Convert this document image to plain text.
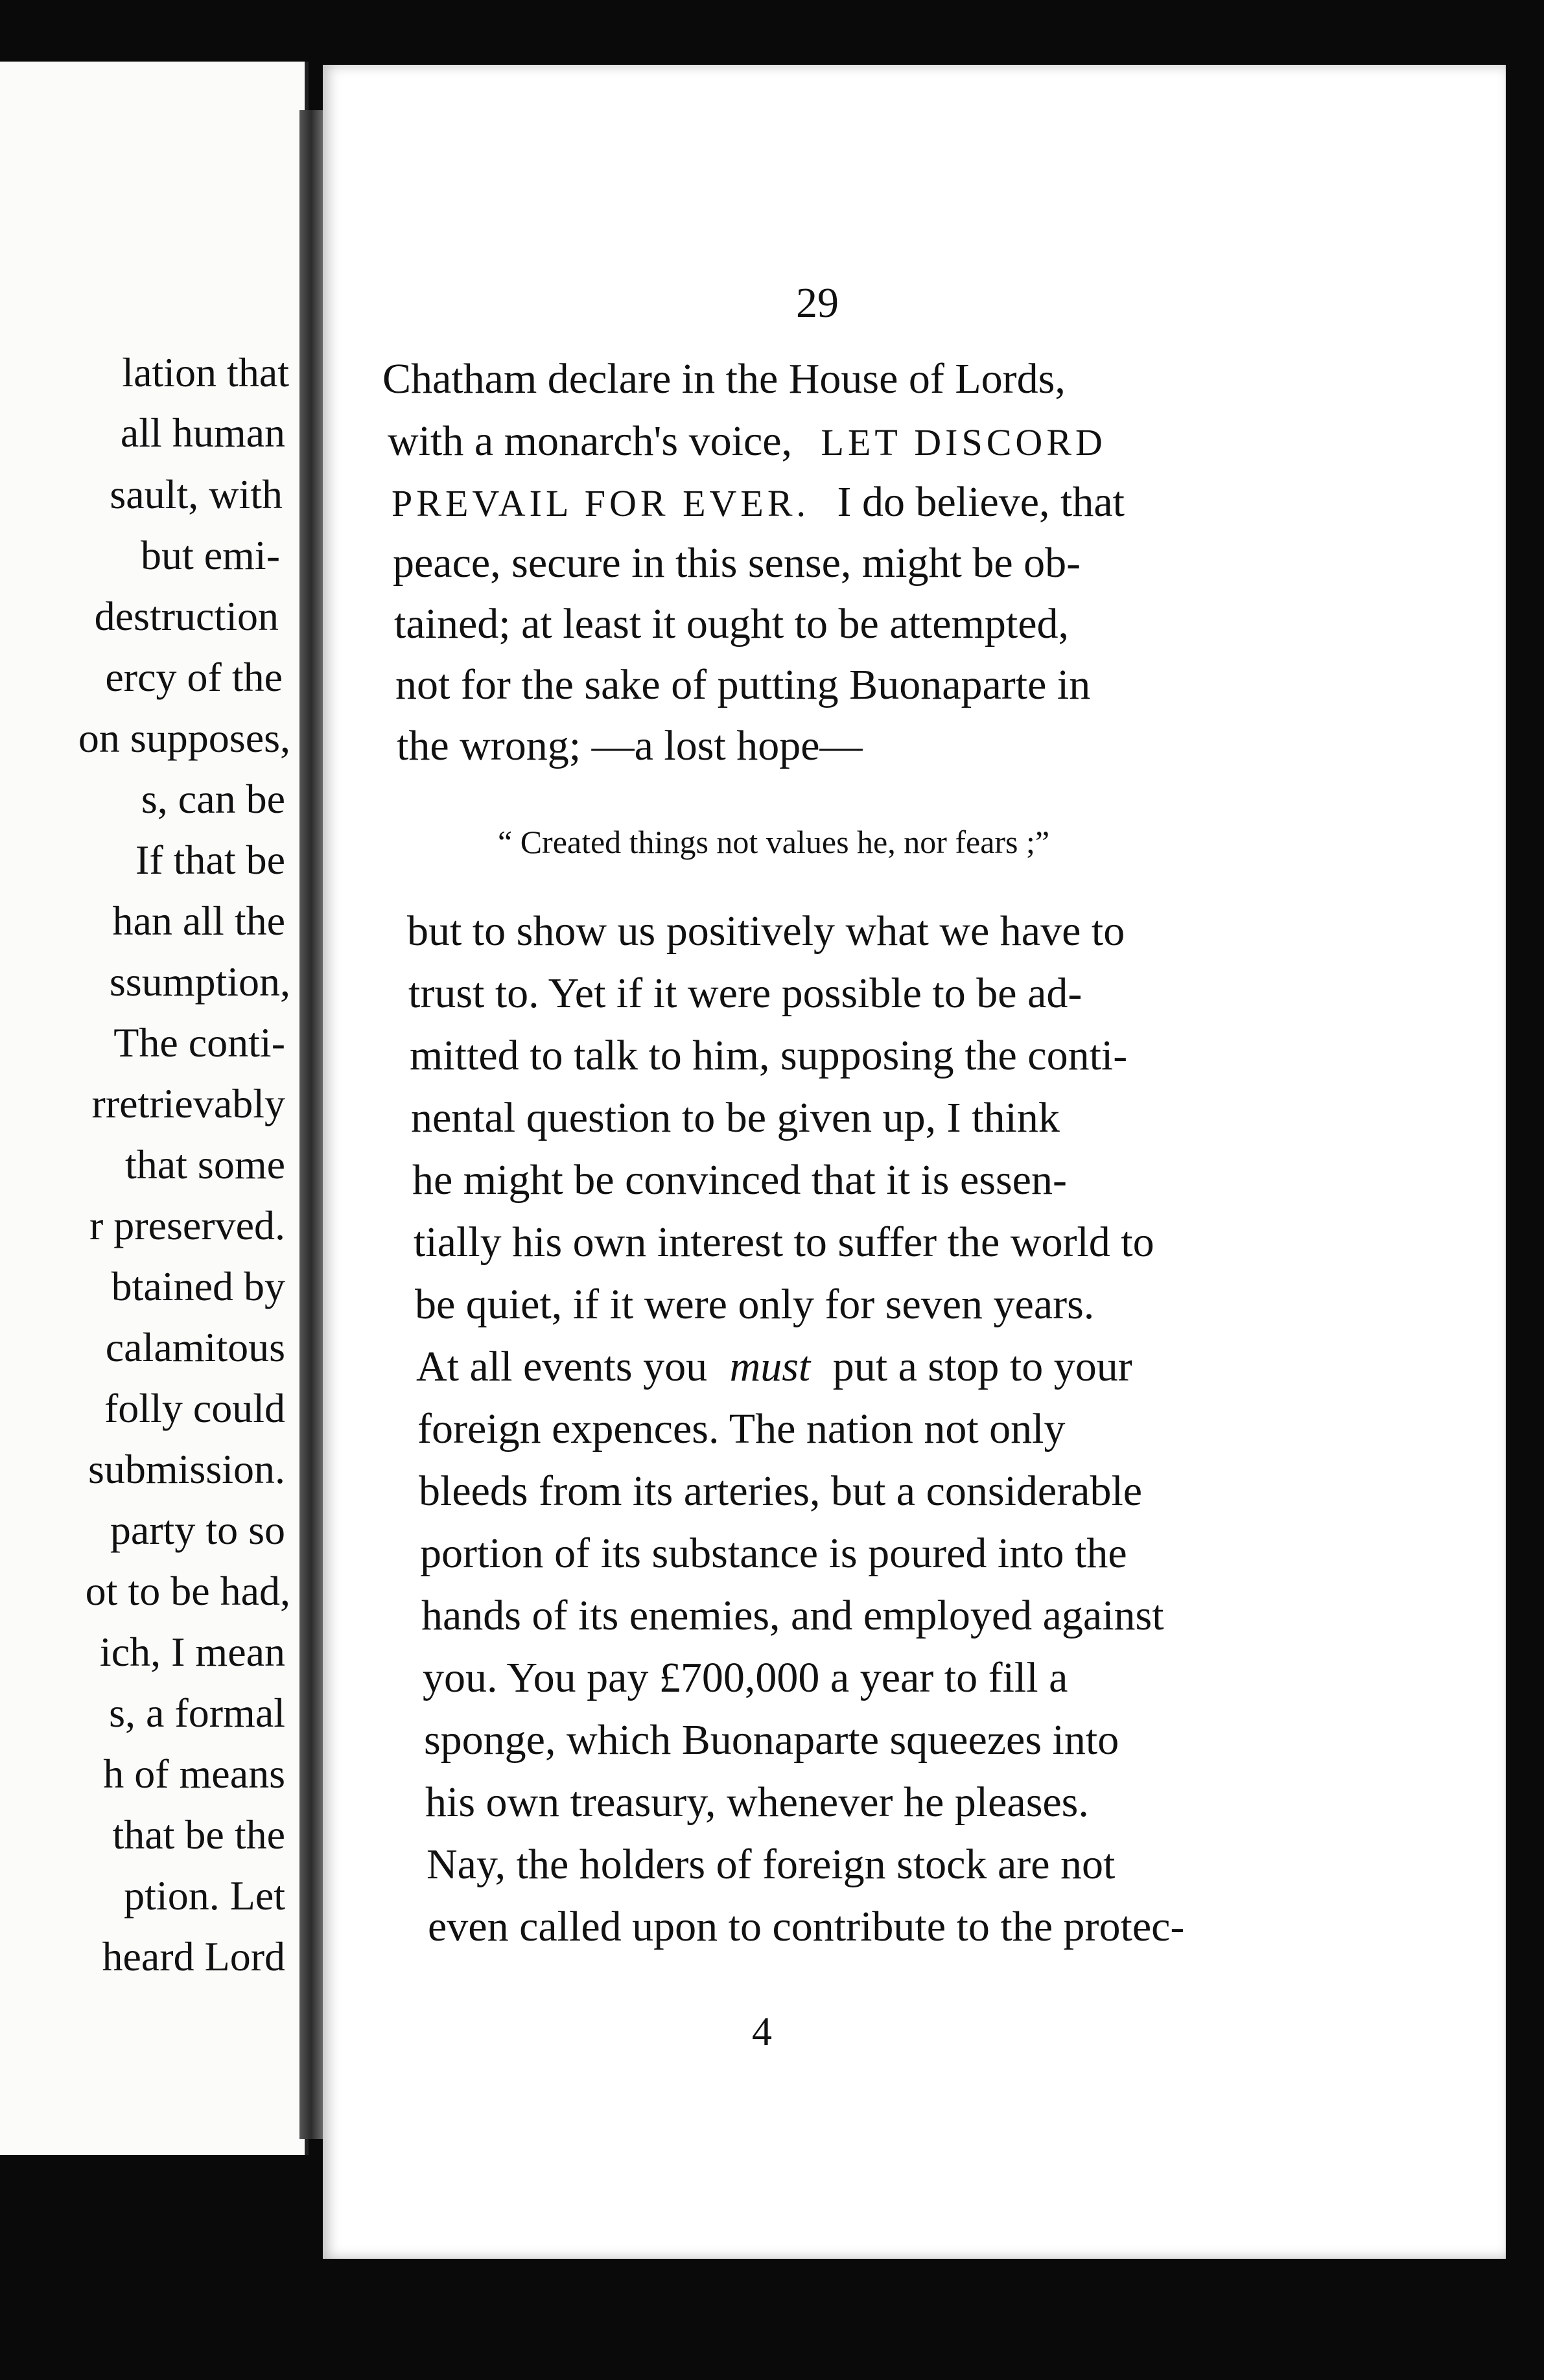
lation that
all human
sault, with
but emi-
destruction
ercy of the
on supposes,
s, can be
If that be
han all the
ssumption,
The conti-
rretrievably
that some
r preserved.
btained by
calamitous
folly could
submission.
party to so
ot to be had,
ich, I mean
s, a formal
h of means
that be the
ption. Let
heard Lord
29
Chatham declare in the House of Lords,
with a monarch's voice, LET DISCORD
PREVAIL FOR EVER. I do believe, that
peace, secure in this sense, might be ob-
tained; at least it ought to be attempted,
not for the sake of putting Buonaparte in
the wrong; —a lost hope—
“ Created things not values he, nor fears ;”
but to show us positively what we have to
trust to. Yet if it were possible to be ad-
mitted to talk to him, supposing the conti-
nental question to be given up, I think
he might be convinced that it is essen-
tially his own interest to suffer the world to
be quiet, if it were only for seven years.
At all events you must put a stop to your
foreign expences. The nation not only
bleeds from its arteries, but a considerable
portion of its substance is poured into the
hands of its enemies, and employed against
you. You pay £700,000 a year to fill a
sponge, which Buonaparte squeezes into
his own treasury, whenever he pleases.
Nay, the holders of foreign stock are not
even called upon to contribute to the protec-
4
